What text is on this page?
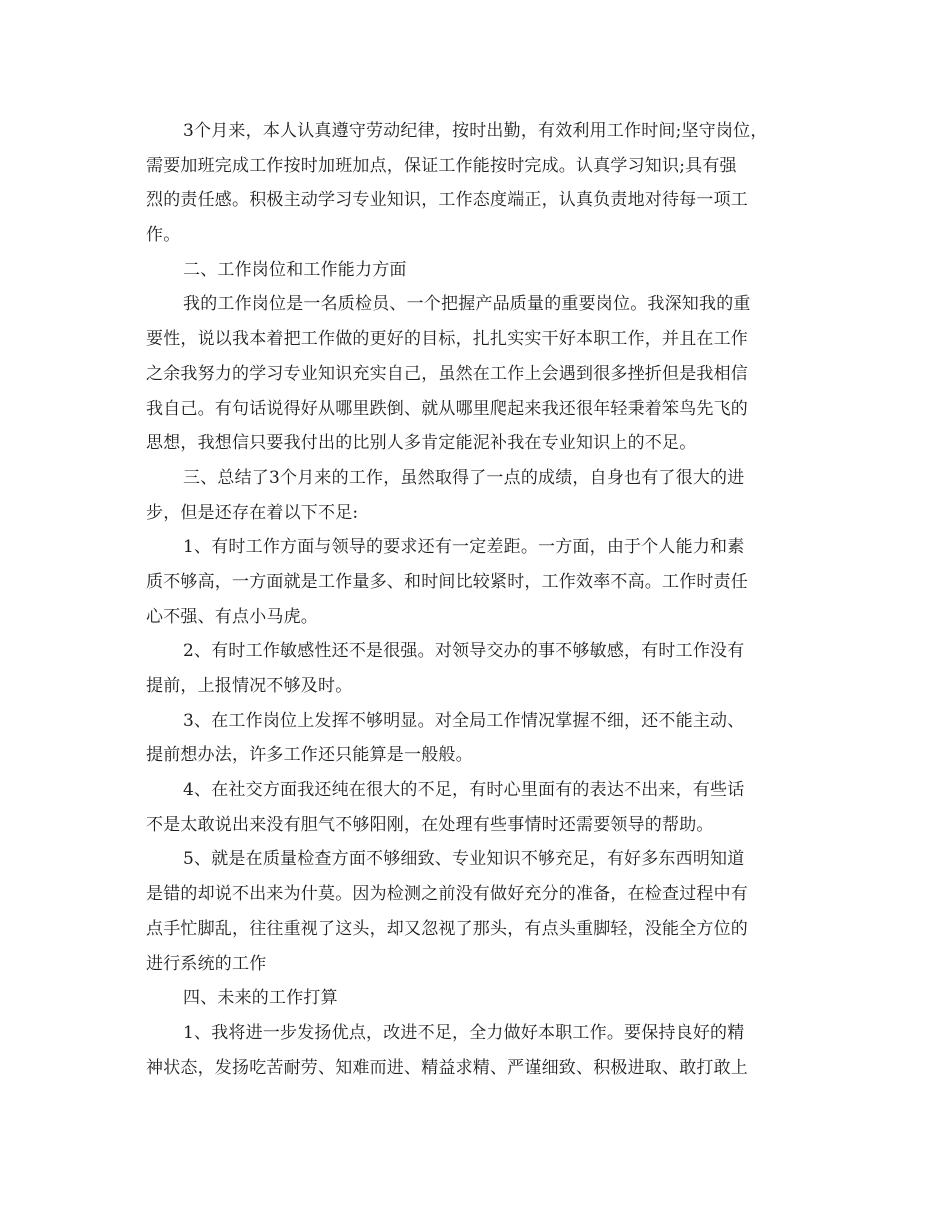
3个月来，本人认真遵守劳动纪律，按时出勤，有效利用工作时间;坚守岗位，
需要加班完成工作按时加班加点，保证工作能按时完成。认真学习知识;具有强
烈的责任感。积极主动学习专业知识，工作态度端正，认真负责地对待每一项工
作。
二、工作岗位和工作能力方面
我的工作岗位是一名质检员、一个把握产品质量的重要岗位。我深知我的重
要性，说以我本着把工作做的更好的目标，扎扎实实干好本职工作，并且在工作
之余我努力的学习专业知识充实自己，虽然在工作上会遇到很多挫折但是我相信
我自己。有句话说得好从哪里跌倒、就从哪里爬起来我还很年轻秉着笨鸟先飞的
思想，我想信只要我付出的比别人多肯定能泥补我在专业知识上的不足。
三、总结了3个月来的工作，虽然取得了一点的成绩，自身也有了很大的进
步，但是还存在着以下不足:
1、有时工作方面与领导的要求还有一定差距。一方面，由于个人能力和素
质不够高，一方面就是工作量多、和时间比较紧时，工作效率不高。工作时责任
心不强、有点小马虎。
2、有时工作敏感性还不是很强。对领导交办的事不够敏感，有时工作没有
提前，上报情况不够及时。
3、在工作岗位上发挥不够明显。对全局工作情况掌握不细，还不能主动、
提前想办法，许多工作还只能算是一般般。
4、在社交方面我还纯在很大的不足，有时心里面有的表达不出来，有些话
不是太敢说出来没有胆气不够阳刚，在处理有些事情时还需要领导的帮助。
5、就是在质量检查方面不够细致、专业知识不够充足，有好多东西明知道
是错的却说不出来为什莫。因为检测之前没有做好充分的准备，在检查过程中有
点手忙脚乱，往往重视了这头，却又忽视了那头，有点头重脚轻，没能全方位的
进行系统的工作
四、未来的工作打算
1、我将进一步发扬优点，改进不足，全力做好本职工作。要保持良好的精
神状态，发扬吃苦耐劳、知难而进、精益求精、严谨细致、积极进取、敢打敢上
